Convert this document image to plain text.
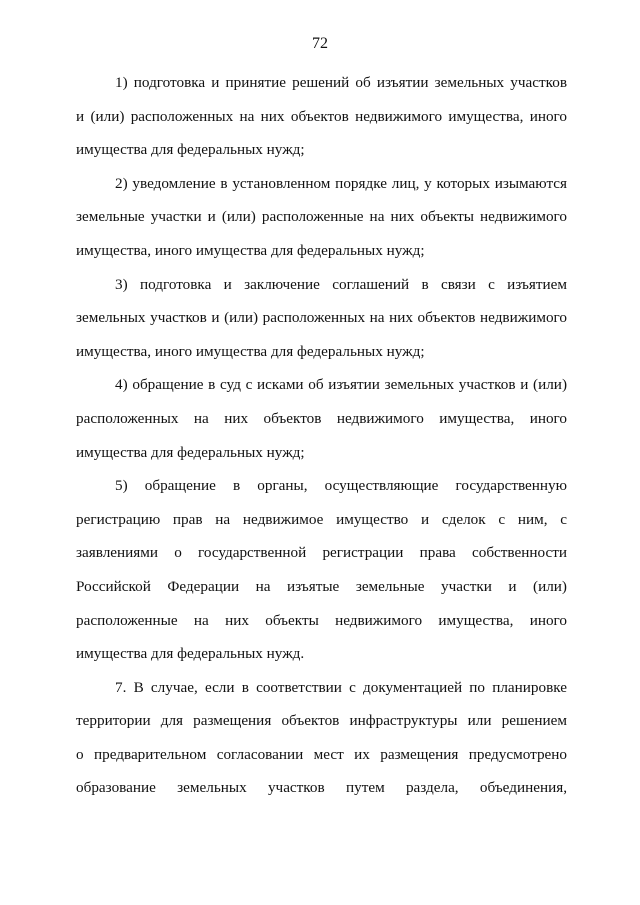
72

1) подготовка и принятие решений об изъятии земельных участков
и (или) расположенных на них объектов недвижимого имущества, иного
имущества для федеральных нужд;

2) уведомление в установленном порядке лиц, у которых изымаются
земельные участки и (или) расположенные на них объекты недвижимого
имущества, иного имущества для федеральных нужд;

3) подготовка и заключение соглашений в связи с изъятием
земельных участков и (или) расположенных на них объектов недвижимого
имущества, иного имущества для федеральных нужд;

4) обращение в суд с исками об изъятии земельных участков и (или)
расположенных на них объектов недвижимого имущества, иного
имущества для федеральных нужд;

5) обращение в органы, осуществляющие государственную
регистрацию прав на недвижимое имущество и сделок с ним, с
заявлениями о государственной регистрации права собственности
Российской Федерации на изъятые земельные участки и (или)
расположенные на них объекты недвижимого имущества, иного
имущества для федеральных нужд.

7. В случае, если в соответствии с документацией по планировке
территории для размещения объектов инфраструктуры или решением
о предварительном согласовании мест их размещения предусмотрено
образование земельных участков путем раздела, объединения,
